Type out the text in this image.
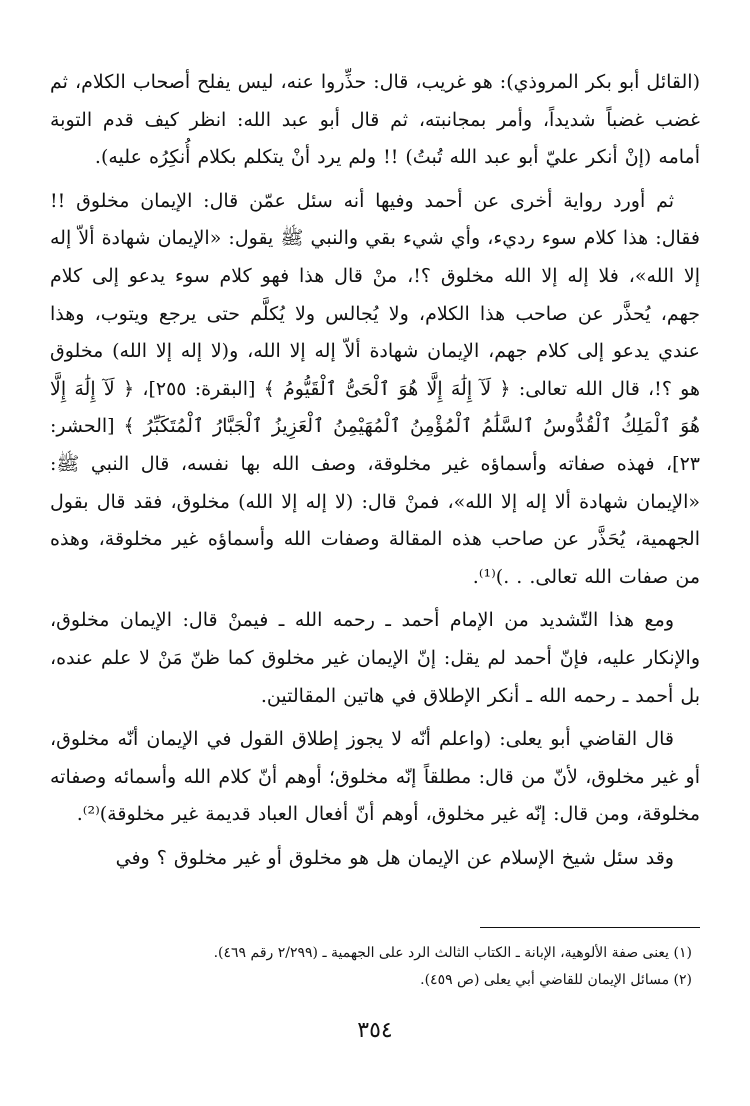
(القائل أبو بكر المروذي): هو غريب، قال: حذِّروا عنه، ليس يفلح أصحاب الكلام، ثم غضب غضباً شديداً، وأمر بمجانبته، ثم قال أبو عبد الله: انظر كيف قدم التوبة أمامه (إنْ أنكر عليّ أبو عبد الله تُبتُ) !! ولم يرد أنْ يتكلم بكلام أُنكِرُه عليه).

ثم أورد رواية أخرى عن أحمد وفيها أنه سئل عمّن قال: الإيمان مخلوق !! فقال: هذا كلام سوء رديء، وأي شيء بقي والنبي ﷺ يقول: «الإيمان شهادة ألاّ إله إلا الله»، فلا إله إلا الله مخلوق ؟!، منْ قال هذا فهو كلام سوء يدعو إلى كلام جهم، يُحذَّر عن صاحب هذا الكلام، ولا يُجالس ولا يُكلَّم حتى يرجع ويتوب، وهذا عندي يدعو إلى كلام جهم، الإيمان شهادة ألاّ إله إلا الله، و(لا إله إلا الله) مخلوق هو ؟!، قال الله تعالى: ﴿ لَآ إِلَٰهَ إِلَّا هُوَ ٱلْحَىُّ ٱلْقَيُّومُ ﴾ [البقرة: ٢٥٥]، ﴿ لَآ إِلَٰهَ إِلَّا هُوَ ٱلْمَلِكُ ٱلْقُدُّوسُ ٱلسَّلَٰمُ ٱلْمُؤْمِنُ ٱلْمُهَيْمِنُ ٱلْعَزِيزُ ٱلْجَبَّارُ ٱلْمُتَكَبِّرُ ﴾ [الحشر: ٢٣]، فهذه صفاته وأسماؤه غير مخلوقة، وصف الله بها نفسه، قال النبي ﷺ: «الإيمان شهادة ألا إله إلا الله»، فمنْ قال: (لا إله إلا الله) مخلوق، فقد قال بقول الجهمية، يُحَذَّر عن صاحب هذه المقالة وصفات الله وأسماؤه غير مخلوقة، وهذه من صفات الله تعالى. . .)⁽¹⁾.

ومع هذا التّشديد من الإمام أحمد ـ رحمه الله ـ فيمنْ قال: الإيمان مخلوق، والإنكار عليه، فإنّ أحمد لم يقل: إنّ الإيمان غير مخلوق كما ظنّ مَنْ لا علم عنده، بل أحمد ـ رحمه الله ـ أنكر الإطلاق في هاتين المقالتين.

قال القاضي أبو يعلى: (واعلم أنّه لا يجوز إطلاق القول في الإيمان أنّه مخلوق، أو غير مخلوق، لأنّ من قال: مطلقاً إنّه مخلوق؛ أوهم أنّ كلام الله وأسمائه وصفاته مخلوقة، ومن قال: إنّه غير مخلوق، أوهم أنّ أفعال العباد قديمة غير مخلوقة)⁽²⁾.

وقد سئل شيخ الإسلام عن الإيمان هل هو مخلوق أو غير مخلوق ؟ وفي

(١) يعنى صفة الألوهية، الإبانة ـ الكتاب الثالث الرد على الجهمية ـ (٢/٢٩٩ رقم ٤٦٩).

(٢) مسائل الإيمان للقاضي أبي يعلى (ص ٤٥٩).

٣٥٤
